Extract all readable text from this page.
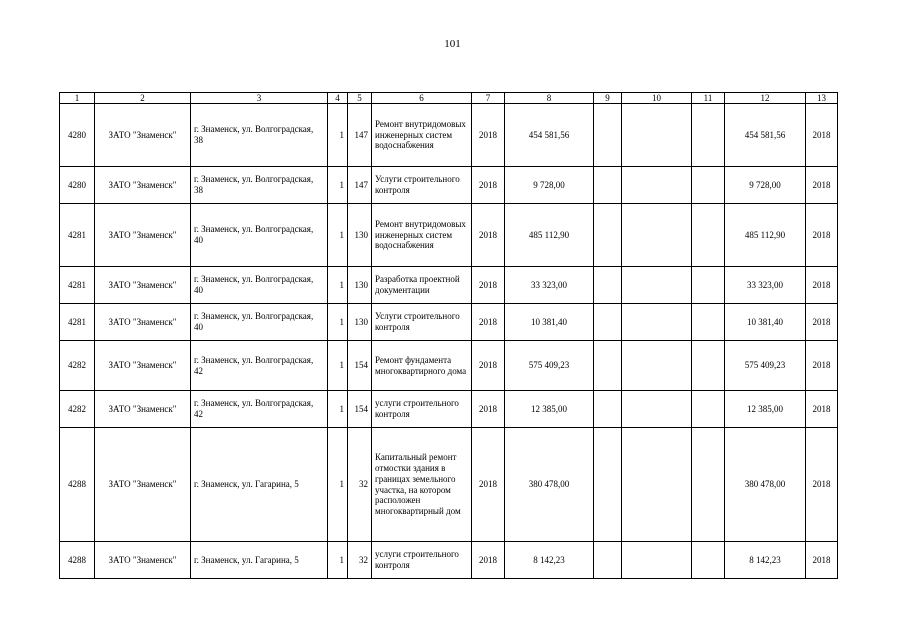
101
1	2	3	4	5	6	7	8	9	10	11	12	13
4280	ЗАТО "Знаменск"	г. Знаменск, ул. Волгоградская, 38	1	147	Ремонт внутридомовых инженерных систем водоснабжения	2018	454 581,56				454 581,56	2018
4280	ЗАТО "Знаменск"	г. Знаменск, ул. Волгоградская, 38	1	147	Услуги строительного контроля	2018	9 728,00				9 728,00	2018
4281	ЗАТО "Знаменск"	г. Знаменск, ул. Волгоградская, 40	1	130	Ремонт внутридомовых инженерных систем водоснабжения	2018	485 112,90				485 112,90	2018
4281	ЗАТО "Знаменск"	г. Знаменск, ул. Волгоградская, 40	1	130	Разработка проектной документации	2018	33 323,00				33 323,00	2018
4281	ЗАТО "Знаменск"	г. Знаменск, ул. Волгоградская, 40	1	130	Услуги строительного контроля	2018	10 381,40				10 381,40	2018
4282	ЗАТО "Знаменск"	г. Знаменск, ул. Волгоградская, 42	1	154	Ремонт фундамента многоквартирного дома	2018	575 409,23				575 409,23	2018
4282	ЗАТО "Знаменск"	г. Знаменск, ул. Волгоградская, 42	1	154	услуги строительного контроля	2018	12 385,00				12 385,00	2018
4288	ЗАТО "Знаменск"	г. Знаменск, ул. Гагарина, 5	1	32	Капитальный ремонт отмостки здания в границах земельного участка, на котором расположен многоквартирный дом	2018	380 478,00				380 478,00	2018
4288	ЗАТО "Знаменск"	г. Знаменск, ул. Гагарина, 5	1	32	услуги строительного контроля	2018	8 142,23				8 142,23	2018
